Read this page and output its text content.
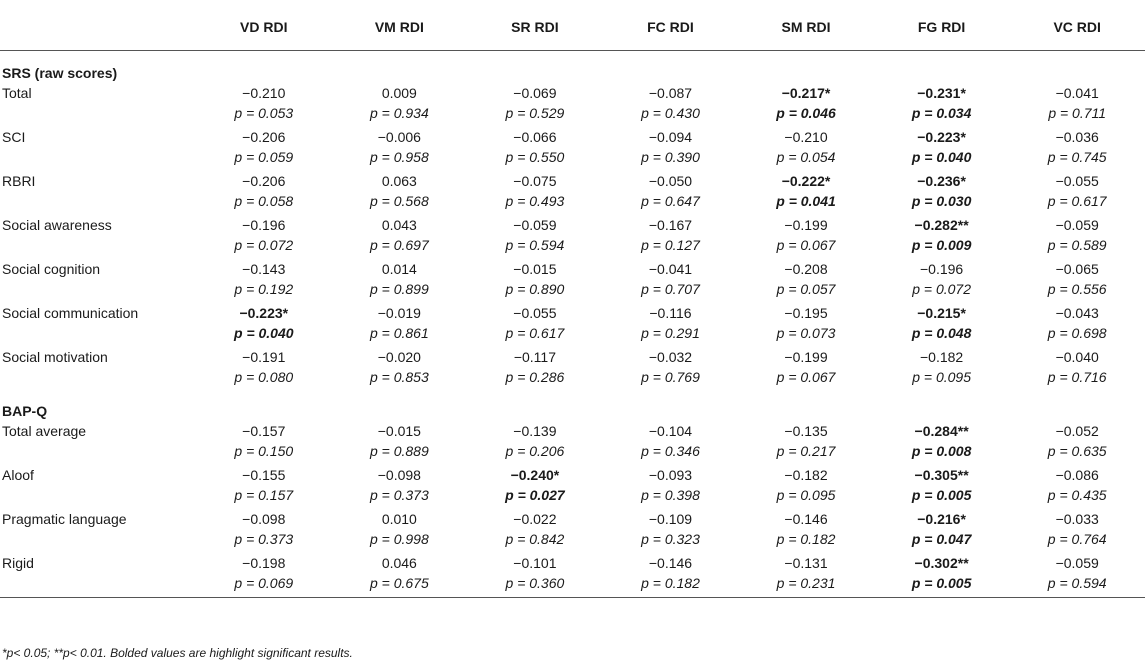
	VD RDI	VM RDI	SR RDI	FC RDI	SM RDI	FG RDI	VC RDI
SRS (raw scores)							
Total	−0.210	0.009	−0.069	−0.087	−0.217*	−0.231*	−0.041
	p = 0.053	p = 0.934	p = 0.529	p = 0.430	p = 0.046	p = 0.034	p = 0.711
SCI	−0.206	−0.006	−0.066	−0.094	−0.210	−0.223*	−0.036
	p = 0.059	p = 0.958	p = 0.550	p = 0.390	p = 0.054	p = 0.040	p = 0.745
RBRI	−0.206	0.063	−0.075	−0.050	−0.222*	−0.236*	−0.055
	p = 0.058	p = 0.568	p = 0.493	p = 0.647	p = 0.041	p = 0.030	p = 0.617
Social awareness	−0.196	0.043	−0.059	−0.167	−0.199	−0.282**	−0.059
	p = 0.072	p = 0.697	p = 0.594	p = 0.127	p = 0.067	p = 0.009	p = 0.589
Social cognition	−0.143	0.014	−0.015	−0.041	−0.208	−0.196	−0.065
	p = 0.192	p = 0.899	p = 0.890	p = 0.707	p = 0.057	p = 0.072	p = 0.556
Social communication	−0.223*	−0.019	−0.055	−0.116	−0.195	−0.215*	−0.043
	p = 0.040	p = 0.861	p = 0.617	p = 0.291	p = 0.073	p = 0.048	p = 0.698
Social motivation	−0.191	−0.020	−0.117	−0.032	−0.199	−0.182	−0.040
	p = 0.080	p = 0.853	p = 0.286	p = 0.769	p = 0.067	p = 0.095	p = 0.716
BAP-Q							
Total average	−0.157	−0.015	−0.139	−0.104	−0.135	−0.284**	−0.052
	p = 0.150	p = 0.889	p = 0.206	p = 0.346	p = 0.217	p = 0.008	p = 0.635
Aloof	−0.155	−0.098	−0.240*	−0.093	−0.182	−0.305**	−0.086
	p = 0.157	p = 0.373	p = 0.027	p = 0.398	p = 0.095	p = 0.005	p = 0.435
Pragmatic language	−0.098	0.010	−0.022	−0.109	−0.146	−0.216*	−0.033
	p = 0.373	p = 0.998	p = 0.842	p = 0.323	p = 0.182	p = 0.047	p = 0.764
Rigid	−0.198	0.046	−0.101	−0.146	−0.131	−0.302**	−0.059
	p = 0.069	p = 0.675	p = 0.360	p = 0.182	p = 0.231	p = 0.005	p = 0.594
*p< 0.05; **p< 0.01. Bolded values are highlight significant results.
